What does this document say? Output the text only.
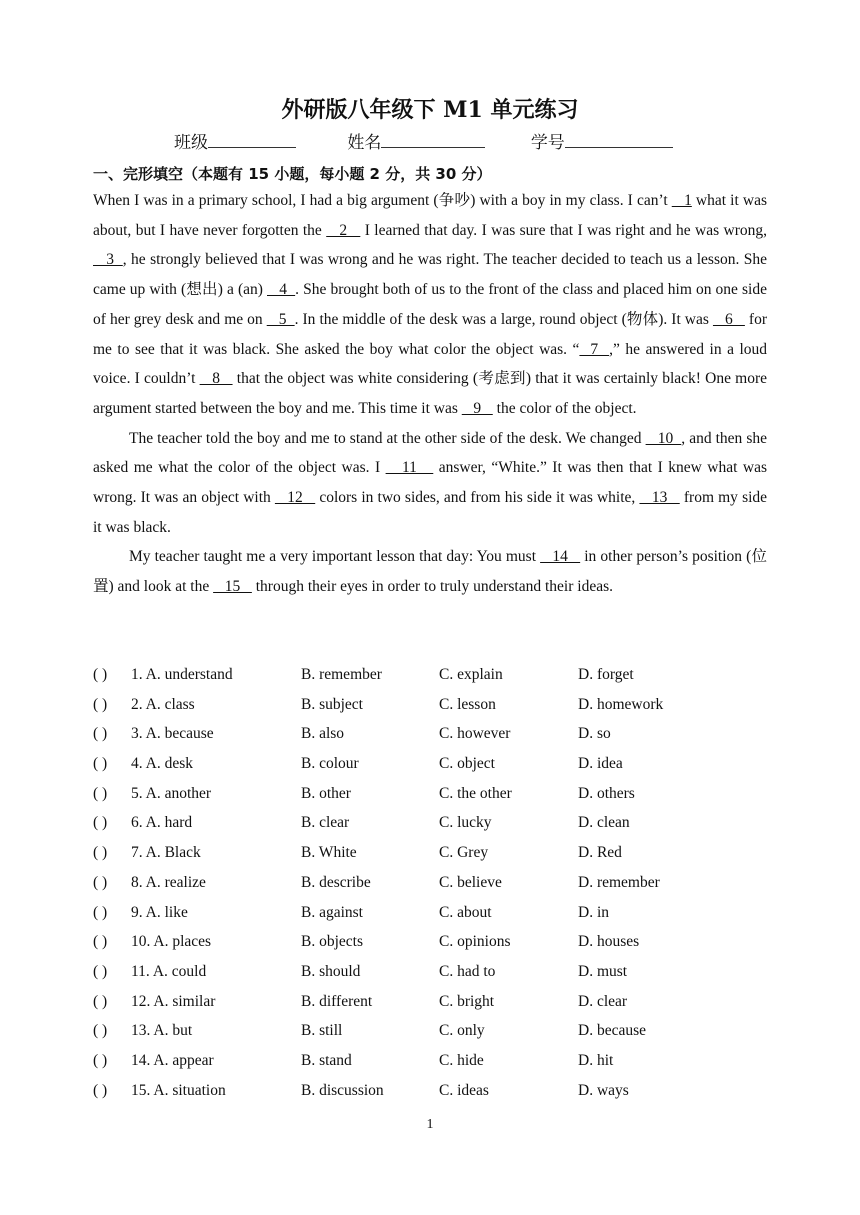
外研版八年级下 M1 单元练习
班级	姓名	学号
一、完形填空（本题有 15 小题，每小题 2 分，共 30 分）

When I was in a primary school, I had a big argument (争吵) with a boy in my class. I can’t    1 what it was about, but I have never forgotten the    2    I learned that day. I was sure that I was right and he was wrong,    3  , he strongly believed that I was wrong and he was right. The teacher decided to teach us a lesson. She came up with (想出) a (an)    4  . She brought both of us to the front of the class and placed him on one side of her grey desk and me on    5  . In the middle of the desk was a large, round object (物体). It was    6    for me to see that it was black. She asked the boy what color the object was. “  7  ,” he answered in a loud voice. I couldn’t    8    that the object was white considering (考虑到) that it was certainly black! One more argument started between the boy and me. This time it was    9    the color of the object.

The teacher told the boy and me to stand at the other side of the desk. We changed    10  , and then she asked me what the color of the object was. I    11    answer, “White.” It was then that I knew what was wrong. It was an object with    12    colors in two sides, and from his side it was white,    13    from my side it was black.

My teacher taught me a very important lesson that day: You must    14    in other person’s position (位置) and look at the    15    through their eyes in order to truly understand their ideas.

( ) 1. A. understand	B. remember	C. explain	D. forget
( ) 2. A. class	B. subject	C. lesson	D. homework
( ) 3. A. because	B. also	C. however	D. so
( ) 4. A. desk	B. colour	C. object	D. idea
( ) 5. A. another	B. other	C. the other	D. others
( ) 6. A. hard	B. clear	C. lucky	D. clean
( ) 7. A. Black	B. White	C. Grey	D. Red
( ) 8. A. realize	B. describe	C. believe	D. remember
( ) 9. A. like	B. against	C. about	D. in
( ) 10. A. places	B. objects	C. opinions	D. houses
( ) 11. A. could	B. should	C. had to	D. must
( ) 12. A. similar	B. different	C. bright	D. clear
( ) 13. A. but	B. still	C. only	D. because
( ) 14. A. appear	B. stand	C. hide	D. hit
( ) 15. A. situation	B. discussion	C. ideas	D. ways
1
